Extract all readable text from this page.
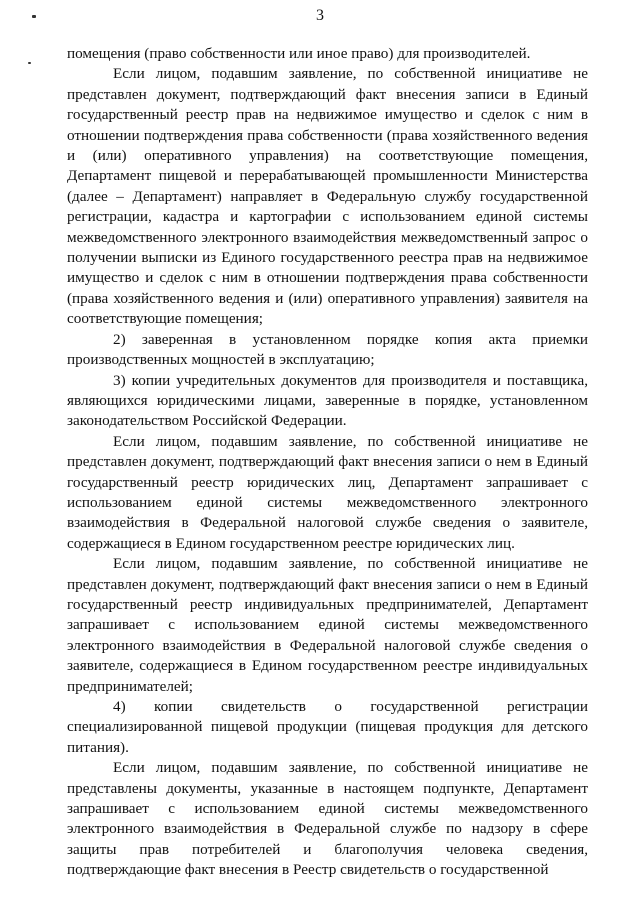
3

помещения (право собственности или иное право) для производителей.

Если лицом, подавшим заявление, по собственной инициативе не представлен документ, подтверждающий факт внесения записи в Единый государственный реестр прав на недвижимое имущество и сделок с ним в отношении подтверждения права собственности (права хозяйственного ведения и (или) оперативного управления) на соответствующие помещения, Департамент пищевой и перерабатывающей промышленности Министерства (далее – Департамент) направляет в Федеральную службу государственной регистрации, кадастра и картографии с использованием единой системы межведомственного электронного взаимодействия межведомственный запрос о получении выписки из Единого государственного реестра прав на недвижимое имущество и сделок с ним в отношении подтверждения права собственности (права хозяйственного ведения и (или) оперативного управления) заявителя на соответствующие помещения;

2) заверенная в установленном порядке копия акта приемки производственных мощностей в эксплуатацию;

3) копии учредительных документов для производителя и поставщика, являющихся юридическими лицами, заверенные в порядке, установленном законодательством Российской Федерации.

Если лицом, подавшим заявление, по собственной инициативе не представлен документ, подтверждающий факт внесения записи о нем в Единый государственный реестр юридических лиц, Департамент запрашивает с использованием единой системы межведомственного электронного взаимодействия в Федеральной налоговой службе сведения о заявителе, содержащиеся в Едином государственном реестре юридических лиц.

Если лицом, подавшим заявление, по собственной инициативе не представлен документ, подтверждающий факт внесения записи о нем в Единый государственный реестр индивидуальных предпринимателей, Департамент запрашивает с использованием единой системы межведомственного электронного взаимодействия в Федеральной налоговой службе сведения о заявителе, содержащиеся в Едином государственном реестре индивидуальных предпринимателей;

4) копии свидетельств о государственной регистрации специализированной пищевой продукции (пищевая продукция для детского питания).

Если лицом, подавшим заявление, по собственной инициативе не представлены документы, указанные в настоящем подпункте, Департамент запрашивает с использованием единой системы межведомственного электронного взаимодействия в Федеральной службе по надзору в сфере защиты прав потребителей и благополучия человека сведения, подтверждающие факт внесения в Реестр свидетельств о государственной
